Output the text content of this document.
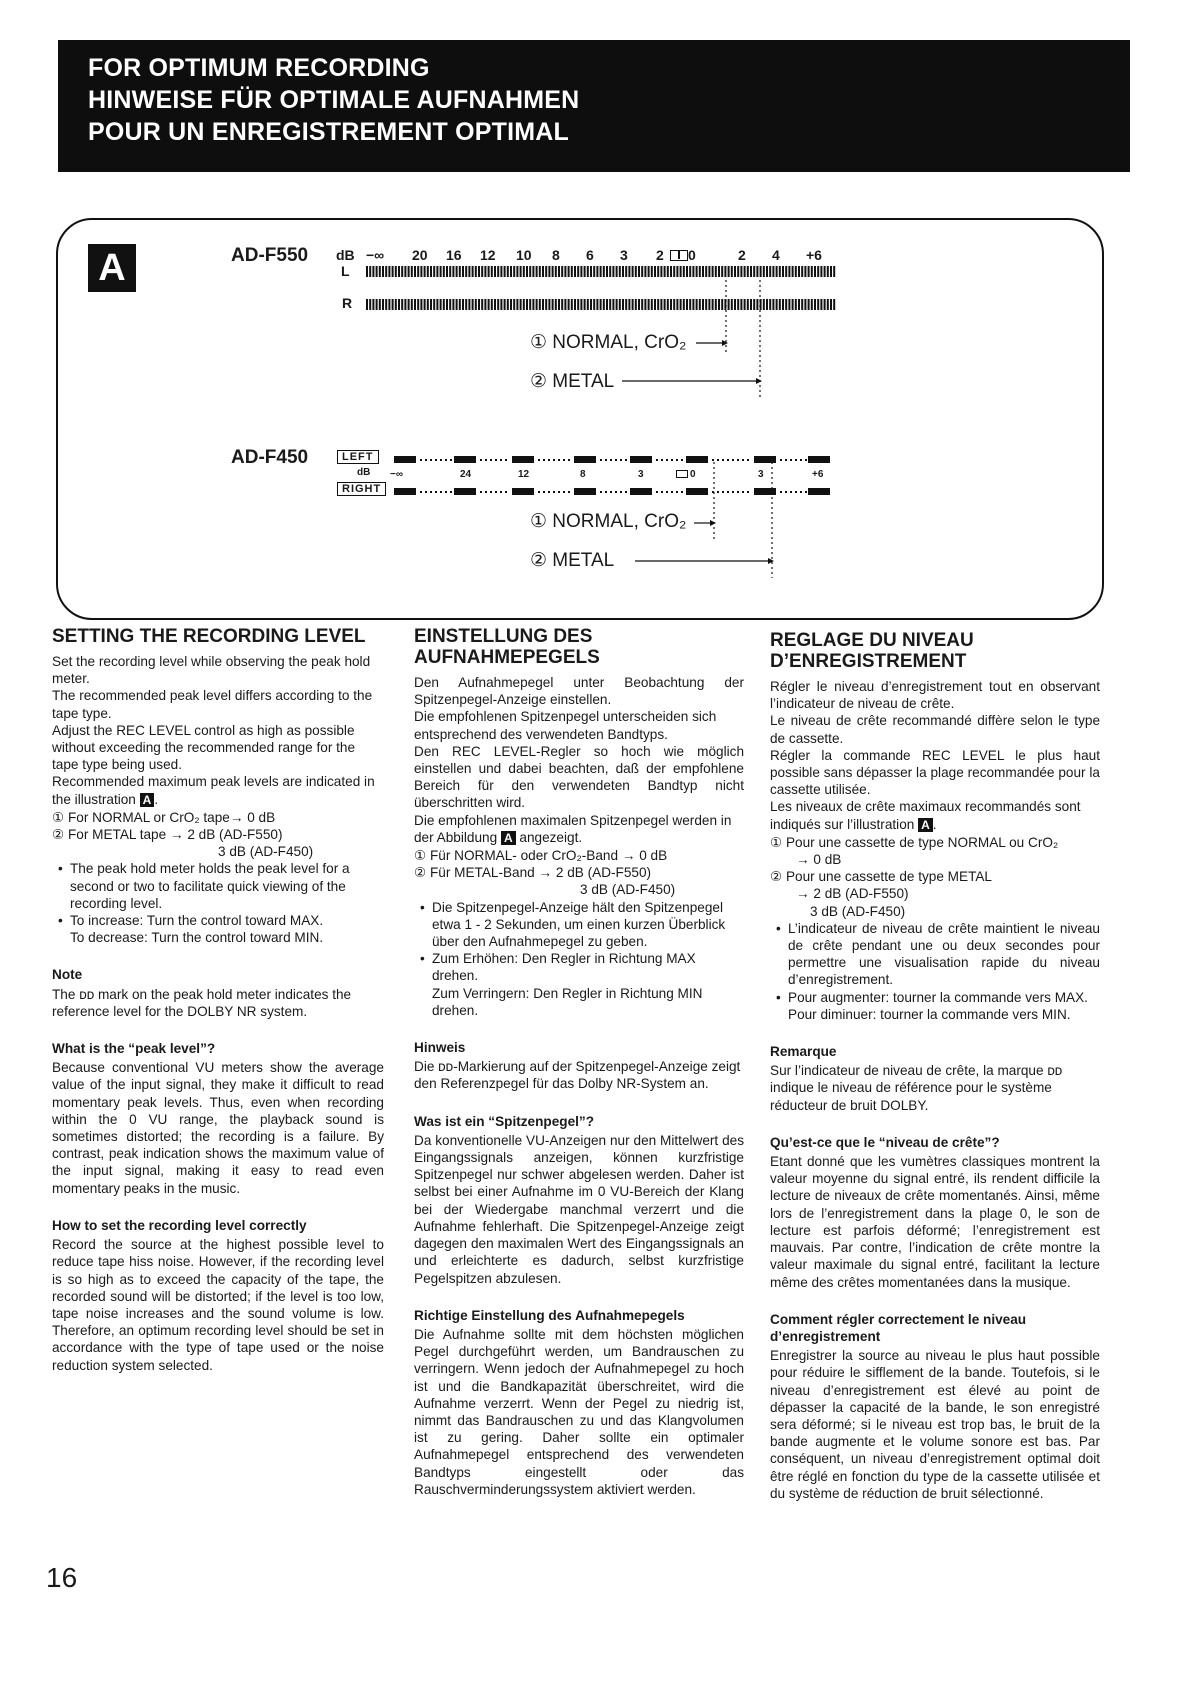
FOR OPTIMUM RECORDING
HINWEISE FÜR OPTIMALE AUFNAHMEN
POUR UN ENREGISTREMENT OPTIMAL
A	AD-F550 dB
L
R
−∞ 20 16 12 10 8 6 3 2 0	2 4 +6
① NORMAL, CrO₂
② METAL
AD-F450	LEFT
dB
RIGHT
−∞	24	12	8	3	0	3	+6
① NORMAL, CrO₂
② METAL
SETTING THE RECORDING LEVEL

Set the recording level while observing the peak hold meter.

The recommended peak level differs according to the tape type.

Adjust the REC LEVEL control as high as possible without exceeding the recommended range for the tape type being used.

Recommended maximum peak levels are indicated in the illustration A .

① For NORMAL or CrO₂ tape→ 0 dB

② For METAL tape → 2 dB (AD-F550)

3 dB (AD-F450)

• The peak hold meter holds the peak level for a second or two to facilitate quick viewing of the recording level.
• To increase: Turn the control toward MAX.

To decrease: Turn the control toward MIN.

Note

The ᴅᴅ mark on the peak hold meter indicates the reference level for the DOLBY NR system.

What is the “peak level”?

Because conventional VU meters show the average value of the input signal, they make it difficult to read momentary peak levels. Thus, even when recording within the 0 VU range, the playback sound is sometimes distorted; the recording is a failure. By contrast, peak indication shows the maximum value of the input signal, making it easy to read even momentary peaks in the music.

How to set the recording level correctly

Record the source at the highest possible level to reduce tape hiss noise. However, if the recording level is so high as to exceed the capacity of the tape, the recorded sound will be distorted; if the level is too low, tape noise increases and the sound volume is low. Therefore, an optimum recording level should be set in accordance with the type of tape used or the noise reduction system selected.

EINSTELLUNG DES AUFNAHMEPEGELS

Den Aufnahmepegel unter Beobachtung der Spitzenpegel-Anzeige einstellen.

Die empfohlenen Spitzenpegel unterscheiden sich entsprechend des verwendeten Bandtyps.

Den REC LEVEL-Regler so hoch wie möglich einstellen und dabei beachten, daß der empfohlene Bereich für den verwendeten Bandtyp nicht überschritten wird.

Die empfohlenen maximalen Spitzenpegel werden in der Abbildung A angezeigt.

① Für NORMAL- oder CrO₂-Band → 0 dB

② Für METAL-Band → 2 dB (AD-F550)

3 dB (AD-F450)

• Die Spitzenpegel-Anzeige hält den Spitzenpegel etwa 1 - 2 Sekunden, um einen kurzen Überblick über den Aufnahmepegel zu geben.
• Zum Erhöhen: Den Regler in Richtung MAX drehen.

Zum Verringern: Den Regler in Richtung MIN drehen.

Hinweis

Die ᴅᴅ-Markierung auf der Spitzenpegel-Anzeige zeigt den Referenzpegel für das Dolby NR-System an.

Was ist ein “Spitzenpegel”?

Da konventionelle VU-Anzeigen nur den Mittelwert des Eingangssignals anzeigen, können kurzfristige Spitzenpegel nur schwer abgelesen werden. Daher ist selbst bei einer Aufnahme im 0 VU-Bereich der Klang bei der Wiedergabe manchmal verzerrt und die Aufnahme fehlerhaft. Die Spitzenpegel-Anzeige zeigt dagegen den maximalen Wert des Eingangssignals an und erleichterte es dadurch, selbst kurzfristige Pegelspitzen abzulesen.

Richtige Einstellung des Aufnahmepegels

Die Aufnahme sollte mit dem höchsten möglichen Pegel durchgeführt werden, um Bandrauschen zu verringern. Wenn jedoch der Aufnahmepegel zu hoch ist und die Bandkapazität überschreitet, wird die Aufnahme verzerrt. Wenn der Pegel zu niedrig ist, nimmt das Bandrauschen zu und das Klangvolumen ist zu gering. Daher sollte ein optimaler Aufnahmepegel entsprechend des verwendeten Bandtyps eingestellt oder das Rauschverminderungssystem aktiviert werden.

REGLAGE DU NIVEAU D’ENREGISTREMENT

Régler le niveau d’enregistrement tout en observant l’indicateur de niveau de crête.

Le niveau de crête recommandé diffère selon le type de cassette.

Régler la commande REC LEVEL le plus haut possible sans dépasser la plage recommandée pour la cassette utilisée.

Les niveaux de crête maximaux recommandés sont indiqués sur l’illustration A .

① Pour une cassette de type NORMAL ou CrO₂

→ 0 dB

② Pour une cassette de type METAL

→ 2 dB (AD-F550)

3 dB (AD-F450)

• L’indicateur de niveau de crête maintient le niveau de crête pendant une ou deux secondes pour permettre une visualisation rapide du niveau d’enregistrement.
• Pour augmenter: tourner la commande vers MAX.

Pour diminuer: tourner la commande vers MIN.

Remarque

Sur l’indicateur de niveau de crête, la marque ᴅᴅ indique le niveau de référence pour le système réducteur de bruit DOLBY.

Qu’est-ce que le “niveau de crête”?

Etant donné que les vumètres classiques montrent la valeur moyenne du signal entré, ils rendent difficile la lecture de niveaux de crête momentanés. Ainsi, même lors de l’enregistrement dans la plage 0, le son de lecture est parfois déformé; l’enregistrement est mauvais. Par contre, l’indication de crête montre la valeur maximale du signal entré, facilitant la lecture même des crêtes momentanées dans la musique.

Comment régler correctement le niveau d’enregistrement

Enregistrer la source au niveau le plus haut possible pour réduire le sifflement de la bande. Toutefois, si le niveau d’enregistrement est élevé au point de dépasser la capacité de la bande, le son enregistré sera déformé; si le niveau est trop bas, le bruit de la bande augmente et le volume sonore est bas. Par conséquent, un niveau d’enregistrement optimal doit être réglé en fonction du type de la cassette utilisée et du système de réduction de bruit sélectionné.

16
